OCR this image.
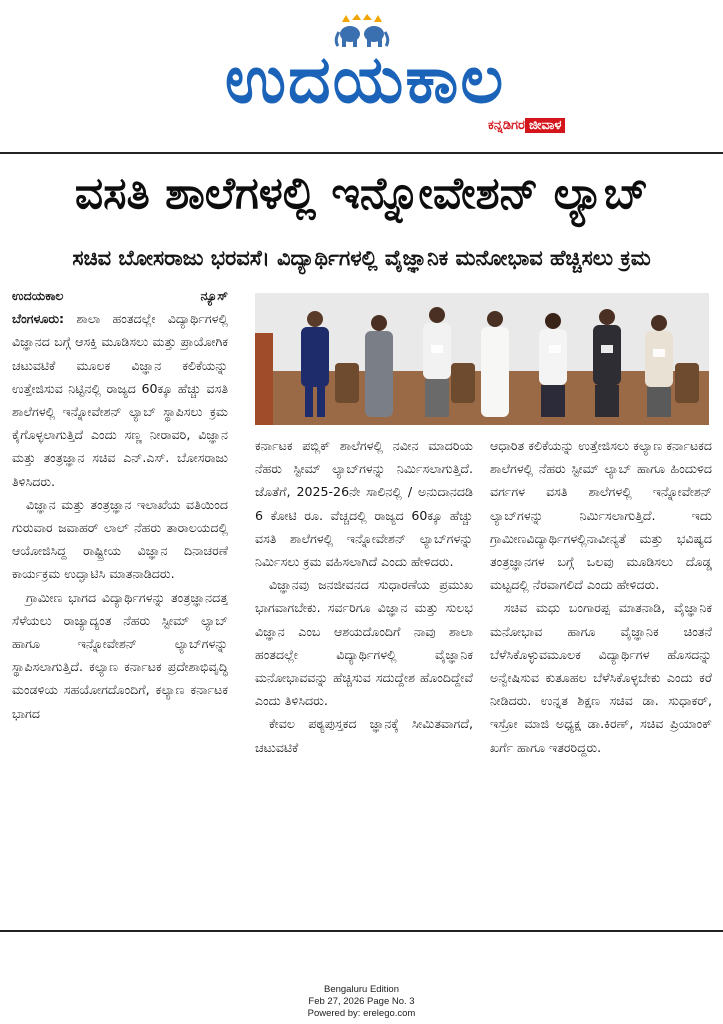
ಉದಯಕಾಲ
ಕನ್ನಡಿಗರ ಜೀವಾಳ
ವಸತಿ ಶಾಲೆಗಳಲ್ಲಿ ಇನ್ನೋವೇಶನ್ ಲ್ಯಾಬ್
ಸಚಿವ ಬೋಸರಾಜು ಭರವಸೆ। ವಿದ್ಯಾರ್ಥಿಗಳಲ್ಲಿ ವೈಜ್ಞಾನಿಕ ಮನೋಭಾವ ಹೆಚ್ಚಿಸಲು ಕ್ರಮ
ಉದಯಕಾಲ	ನ್ಯೂಸ್

ಬೆಂಗಳೂರು: ಶಾಲಾ ಹಂತದಲ್ಲೇ ವಿದ್ಯಾರ್ಥಿಗಳಲ್ಲಿ ವಿಜ್ಞಾನದ ಬಗ್ಗೆ ಆಸಕ್ತಿ ಮೂಡಿಸಲು ಮತ್ತು ಪ್ರಾಯೋಗಿಕ ಚಟುವಟಿಕೆ ಮೂಲಕ ವಿಜ್ಞಾನ ಕಲಿಕೆಯನ್ನು ಉತ್ತೇಜಿಸುವ ನಿಟ್ಟಿನಲ್ಲಿ ರಾಜ್ಯದ 60ಕ್ಕೂ ಹೆಚ್ಚು ವಸತಿ ಶಾಲೆಗಳಲ್ಲಿ ಇನ್ನೋವೇಶನ್ ಲ್ಯಾಬ್ ಸ್ಥಾಪಿಸಲು ಕ್ರಮ ಕೈಗೊಳ್ಳಲಾಗುತ್ತಿದೆ ಎಂದು ಸಣ್ಣ ನೀರಾವರಿ, ವಿಜ್ಞಾನ ಮತ್ತು ತಂತ್ರಜ್ಞಾನ ಸಚಿವ ಎನ್.ಎಸ್. ಬೋಸರಾಜು ತಿಳಿಸಿದರು.

ವಿಜ್ಞಾನ ಮತ್ತು ತಂತ್ರಜ್ಞಾನ ಇಲಾಖೆಯ ವತಿಯಿಂದ ಗುರುವಾರ ಜವಾಹರ್ ಲಾಲ್ ನೆಹರು ತಾರಾಲಯದಲ್ಲಿ ಆಯೋಜಿಸಿದ್ದ ರಾಷ್ಟ್ರೀಯ ವಿಜ್ಞಾನ ದಿನಾಚರಣೆ ಕಾರ್ಯಕ್ರಮ ಉದ್ಘಾಟಿಸಿ ಮಾತನಾಡಿದರು.

ಗ್ರಾಮೀಣ ಭಾಗದ ವಿದ್ಯಾರ್ಥಿಗಳನ್ನು ತಂತ್ರಜ್ಞಾನದತ್ತ ಸೆಳೆಯಲು ರಾಜ್ಯಾದ್ಯಂತ ನೆಹರು ಸ್ಟೀಮ್ ಲ್ಯಾಬ್ ಹಾಗೂ ಇನ್ನೋವೇಶನ್ ಲ್ಯಾಬ್‌ಗಳನ್ನು ಸ್ಥಾಪಿಸಲಾಗುತ್ತಿದೆ. ಕಲ್ಯಾಣ ಕರ್ನಾಟಕ ಪ್ರದೇಶಾಭಿವೃದ್ಧಿ ಮಂಡಳಿಯ ಸಹಯೋಗದೊಂದಿಗೆ, ಕಲ್ಯಾಣ ಕರ್ನಾಟಕ ಭಾಗದ

ಕರ್ನಾಟಕ ಪಬ್ಲಿಕ್ ಶಾಲೆಗಳಲ್ಲಿ ನವೀನ ಮಾದರಿಯ ನೆಹರು ಸ್ಟೀಮ್ ಲ್ಯಾಬ್‌ಗಳನ್ನು ನಿರ್ಮಿಸಲಾಗುತ್ತಿದೆ. ಜೊತೆಗೆ, 2025-26ನೇ ಸಾಲಿನಲ್ಲಿ / ಅನುದಾನದಡಿ 6 ಕೋಟಿ ರೂ. ವೆಚ್ಚದಲ್ಲಿ ರಾಜ್ಯದ 60ಕ್ಕೂ ಹೆಚ್ಚು ವಸತಿ ಶಾಲೆಗಳಲ್ಲಿ ಇನ್ನೋವೇಶನ್ ಲ್ಯಾಬ್‌ಗಳನ್ನು ನಿರ್ಮಿಸಲು ಕ್ರಮ ವಹಿಸಲಾಗಿದೆ ಎಂದು ಹೇಳಿದರು.

ವಿಜ್ಞಾನವು ಜನಜೀವನದ ಸುಧಾರಣೆಯ ಪ್ರಮುಖ ಭಾಗವಾಗಬೇಕು. ಸರ್ವರಿಗೂ ವಿಜ್ಞಾನ ಮತ್ತು ಸುಲಭ ವಿಜ್ಞಾನ ಎಂಬ ಆಶಯದೊಂದಿಗೆ ನಾವು ಶಾಲಾ ಹಂತದಲ್ಲೇ ವಿದ್ಯಾರ್ಥಿಗಳಲ್ಲಿ ವೈಜ್ಞಾನಿಕ ಮನೋಭಾವವನ್ನು ಹೆಚ್ಚಿಸುವ ಸದುದ್ದೇಶ ಹೊಂದಿದ್ದೇವೆ ಎಂದು ತಿಳಿಸಿದರು.

ಕೇವಲ ಪಠ್ಯಪುಸ್ತಕದ ಜ್ಞಾನಕ್ಕೆ ಸೀಮಿತವಾಗದೆ, ಚಟುವಟಿಕೆ

ಆಧಾರಿತ ಕಲಿಕೆಯನ್ನು ಉತ್ತೇಜಿಸಲು ಕಲ್ಯಾಣ ಕರ್ನಾಟಕದ ಶಾಲೆಗಳಲ್ಲಿ ನೆಹರು ಸ್ಟೀಮ್ ಲ್ಯಾಬ್ ಹಾಗೂ ಹಿಂದುಳಿದ ವರ್ಗಗಳ ವಸತಿ ಶಾಲೆಗಳಲ್ಲಿ ಇನ್ನೋವೇಶನ್ ಲ್ಯಾಬ್‌ಗಳನ್ನು ನಿರ್ಮಿಸಲಾಗುತ್ತಿದೆ. ಇದು ಗ್ರಾಮೀಣವಿದ್ಯಾರ್ಥಿಗಳಲ್ಲಿನಾವೀನ್ಯತೆ ಮತ್ತು ಭವಿಷ್ಯದ ತಂತ್ರಜ್ಞಾನಗಳ ಬಗ್ಗೆ ಒಲವು ಮೂಡಿಸಲು ದೊಡ್ಡ ಮಟ್ಟದಲ್ಲಿ ನೆರವಾಗಲಿದೆ ಎಂದು ಹೇಳಿದರು.

ಸಚಿವ ಮಧು ಬಂಗಾರಪ್ಪ ಮಾತನಾಡಿ, ವೈಜ್ಞಾನಿಕ ಮನೋಭಾವ ಹಾಗೂ ವೈಜ್ಞಾನಿಕ ಚಿಂತನೆ ಬೆಳೆಸಿಕೊಳ್ಳುವಮೂಲಕ ವಿದ್ಯಾರ್ಥಿಗಳ ಹೊಸದನ್ನು ಅನ್ವೇಷಿಸುವ ಕುತೂಹಲ ಬೆಳೆಸಿಕೊಳ್ಳಬೇಕು ಎಂದು ಕರೆ ನೀಡಿದರು. ಉನ್ನತ ಶಿಕ್ಷಣ ಸಚಿವ ಡಾ. ಸುಧಾಕರ್, ಇಸ್ರೋ ಮಾಜಿ ಅಧ್ಯಕ್ಷ ಡಾ.ಕಿರಣ್, ಸಚಿವ ಪ್ರಿಯಾಂಕ್ ಖರ್ಗೆ ಹಾಗೂ ಇತರರಿದ್ದರು.

Bengaluru Edition
Feb 27, 2026 Page No. 3
Powered by: erelego.com
